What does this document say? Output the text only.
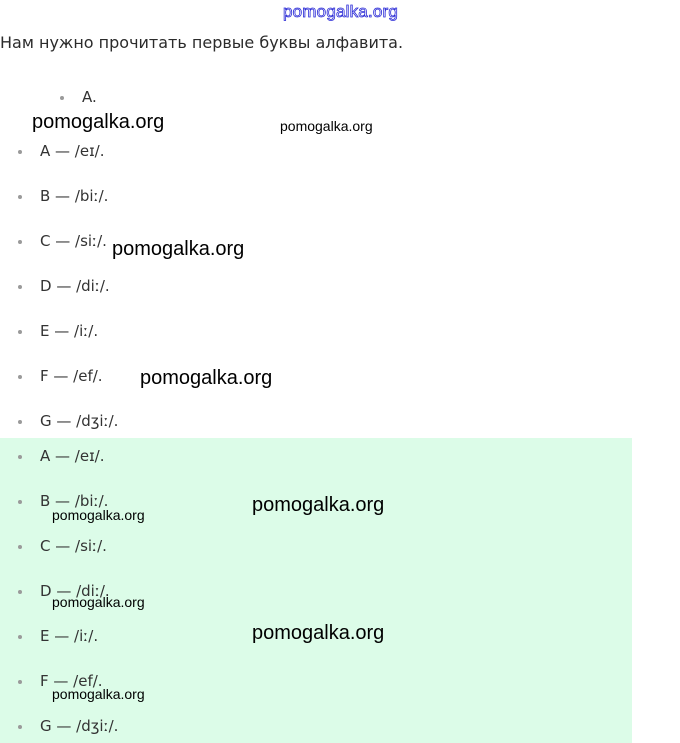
pomogalka.org
Нам нужно прочитать первые буквы алфавита.
A.
A — /eɪ/.
B — /biː/.
C — /siː/.
D — /diː/.
E — /iː/.
F — /ef/.
G — /dʒiː/.
A — /eɪ/.
B — /biː/.
C — /siː/.
D — /diː/.
E — /iː/.
F — /ef/.
G — /dʒiː/.
pomogalka.org	pomogalka.org
pomogalka.org
pomogalka.org
pomogalka.org
pomogalka.org
pomogalka.org
pomogalka.org
pomogalka.org
